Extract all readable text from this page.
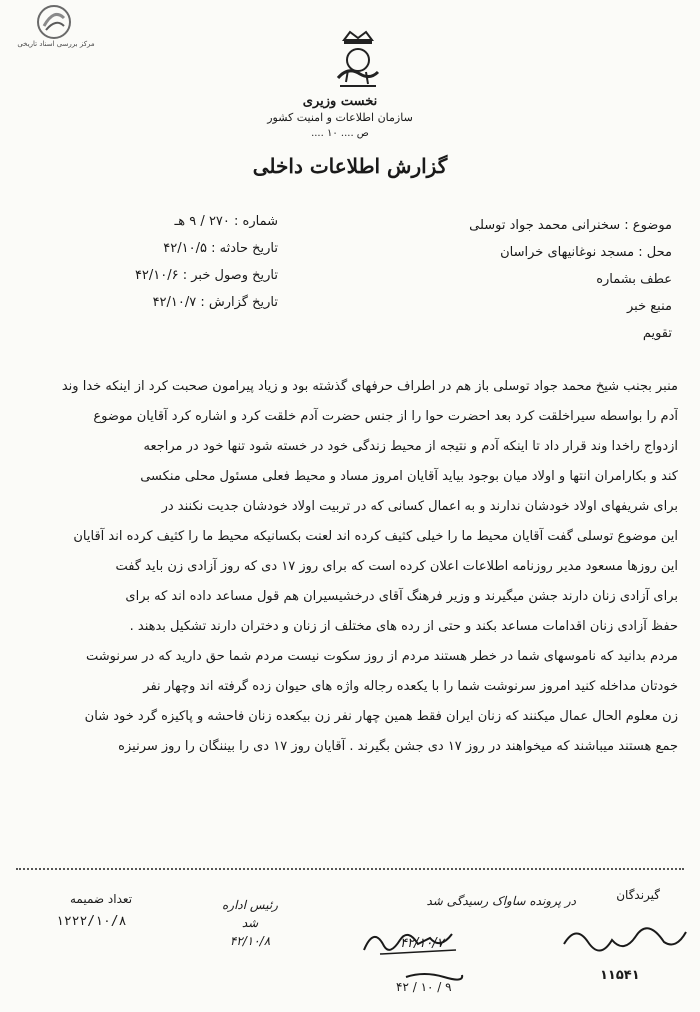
مرکز بررسی اسناد تاریخی
نخست وزیری
سازمان اطلاعات و امنیت کشور
ص .... ۱۰ ....
گزارش اطلاعات داخلی
موضوع : سخنرانی محمد جواد توسلی
محل : مسجد نوغانیهای خراسان
عطف بشماره
منبع خبر
تقویم
شماره : ۲۷۰ / ۹ هـ
تاریخ حادثه : ۴۲/۱۰/۵
تاریخ وصول خبر : ۴۲/۱۰/۶
تاریخ گزارش : ۴۲/۱۰/۷

منبر بجنب شیخ محمد جواد توسلی باز هم در اطراف حرفهای گذشته بود و زیاد پیرامون صحبت کرد از اینکه خدا وند

آدم را بواسطه سیراخلقت کرد بعد احضرت حوا را از جنس حضرت آدم خلقت کرد و اشاره کرد آقایان موضوع

ازدواج راخدا وند قرار داد تا اینکه آدم و نتیجه از محیط زندگی خود در خسته شود تنها خود در مراجعه

کند و بکارامران انتها و اولاد میان بوجود بیاید آقایان امروز مساد و محیط فعلی مسئول محلی منکسی

برای شریفهای اولاد خودشان ندارند و به اعمال کسانی که در تربیت اولاد خودشان جدیت نکنند در

این موضوع توسلی گفت آقایان محیط ما را خیلی کثیف کرده اند لعنت بکسانیکه محیط ما را کثیف کرده اند آقایان

این روزها مسعود مدیر روزنامه اطلاعات اعلان کرده است که برای روز ۱۷ دی که روز آزادی زن باید گفت

برای آزادی زنان دارند جشن میگیرند و وزیر فرهنگ آقای درخشیسیران هم قول مساعد داده اند که برای

حفظ آزادی زنان اقدامات مساعد بکند و حتی از رده های مختلف از زنان و دختران دارند تشکیل بدهند .

مردم بدانید که ناموسهای شما در خطر هستند مردم از روز سکوت نیست مردم شما حق دارید که در سرنوشت

خودتان مداخله کنید امروز سرنوشت شما را با یکعده رجاله واژه های حیوان زده گرفته اند وچهار نفر

زن معلوم الحال عمال میکنند که زنان ایران فقط همین چهار نفر زن بیکعده زنان فاحشه و پاکیزه گرد خود شان

جمع هستند میباشند که میخواهند در روز ۱۷ دی جشن بگیرند . آقایان روز ۱۷ دی را بیننگان را روز سرنیزه

گیرندگان
تعداد ضمیمه
۱۲۲۲/۱۰/۸
در پرونده ساواک رسیدگی شد
۴۲/۱۰/۷
۹ / ۱۰ / ۴۲
۱۱۵۴۱
رئیس اداره
شد
۴۲/۱۰/۸
